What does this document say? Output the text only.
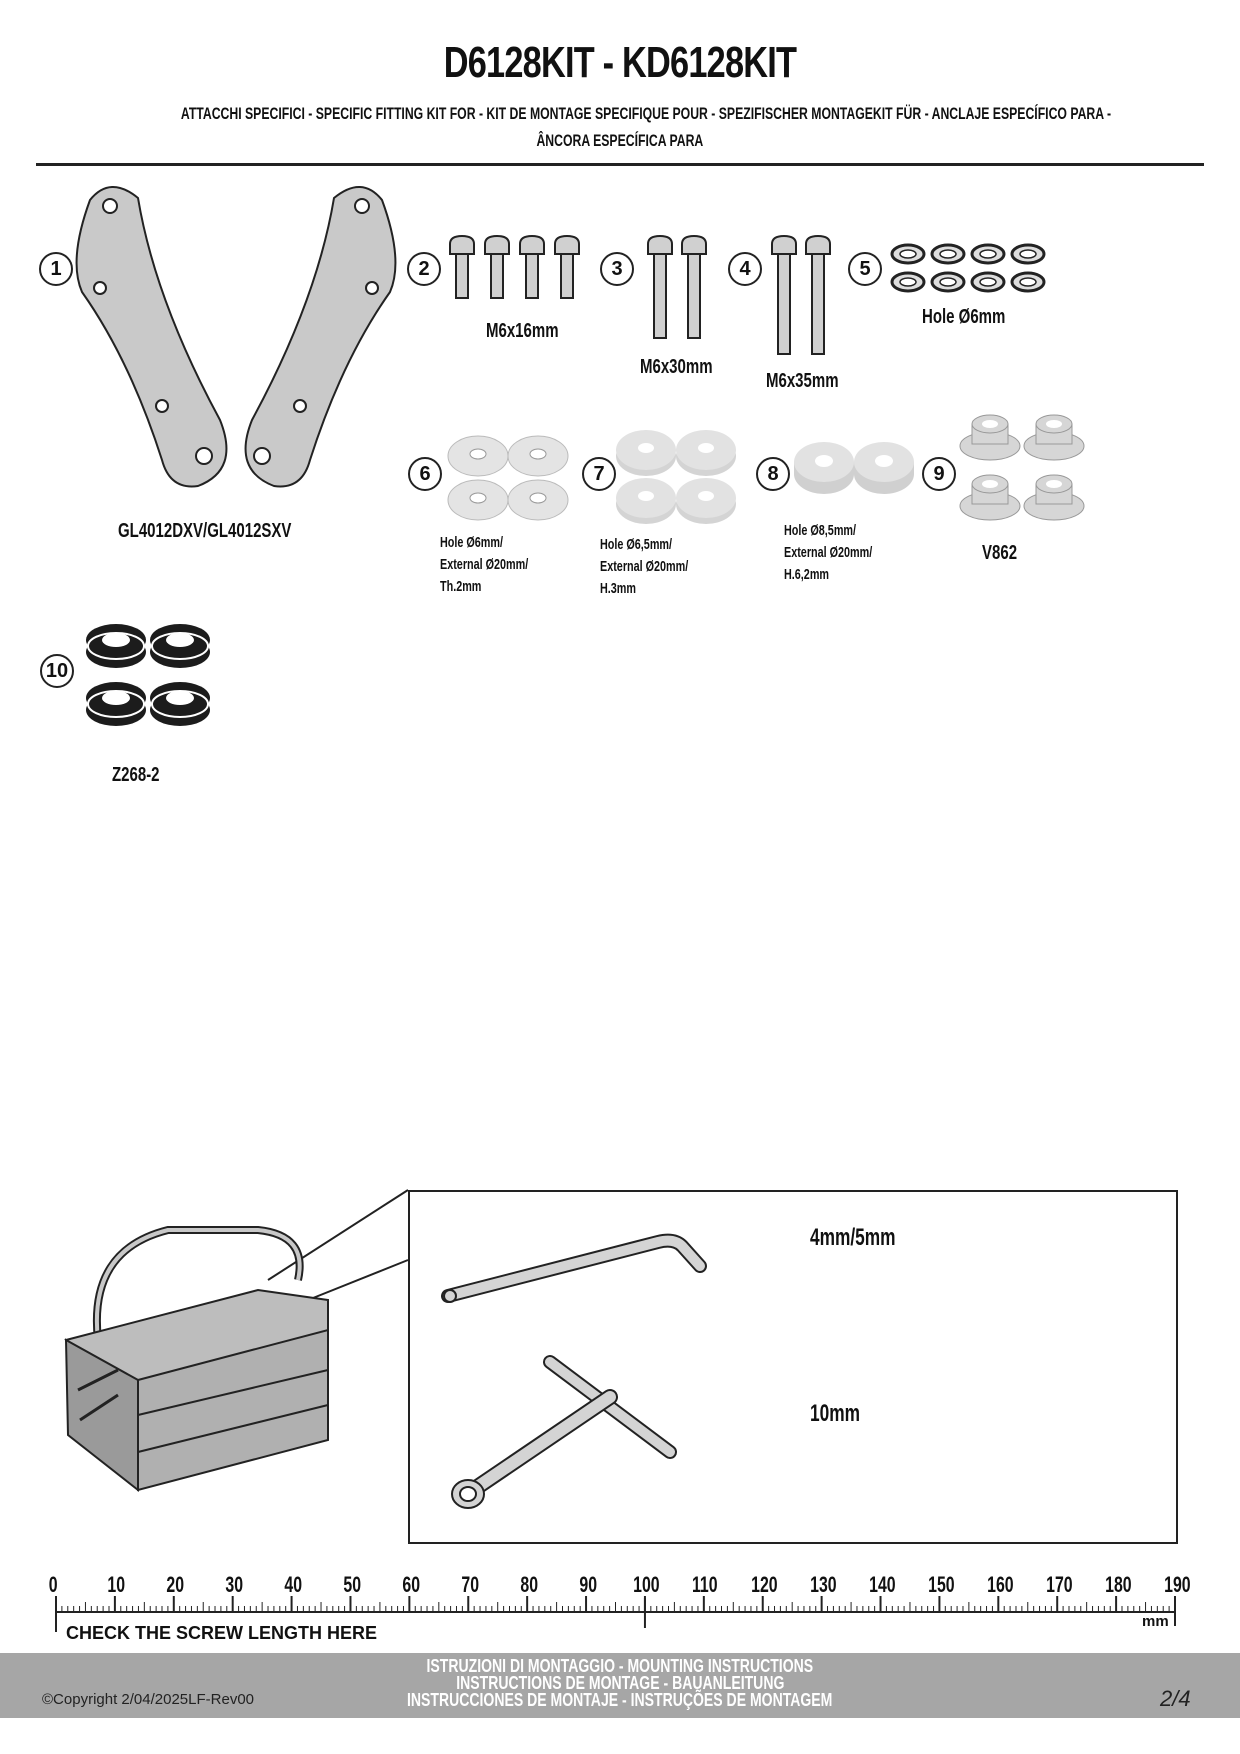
D6128KIT - KD6128KIT
ATTACCHI SPECIFICI - SPECIFIC FITTING KIT FOR - KIT DE MONTAGE SPECIFIQUE POUR - SPEZIFISCHER MONTAGEKIT FÜR - ANCLAJE ESPECÍFICO PARA -
ÂNCORA ESPECÍFICA PARA
1
GL4012DXV/GL4012SXV
2
M6x16mm
3
M6x30mm
4
M6x35mm
5
Hole Ø6mm
6
Hole Ø6mm/
External Ø20mm/
Th.2mm
7
Hole Ø6,5mm/
External Ø20mm/
H.3mm
8
Hole Ø8,5mm/
External Ø20mm/
H.6,2mm
9
V862
10
Z268-2
4mm/5mm
10mm
0 10 20 30 40 50 60 70 80 90 100 110 120 130 140 150 160 170 180 190
CHECK THE SCREW LENGTH HERE
mm
ISTRUZIONI DI MONTAGGIO - MOUNTING INSTRUCTIONS
INSTRUCTIONS DE MONTAGE - BAUANLEITUNG
INSTRUCCIONES DE MONTAJE - INSTRUÇÕES DE MONTAGEM
©Copyright 2/04/2025LF-Rev00	2/4
